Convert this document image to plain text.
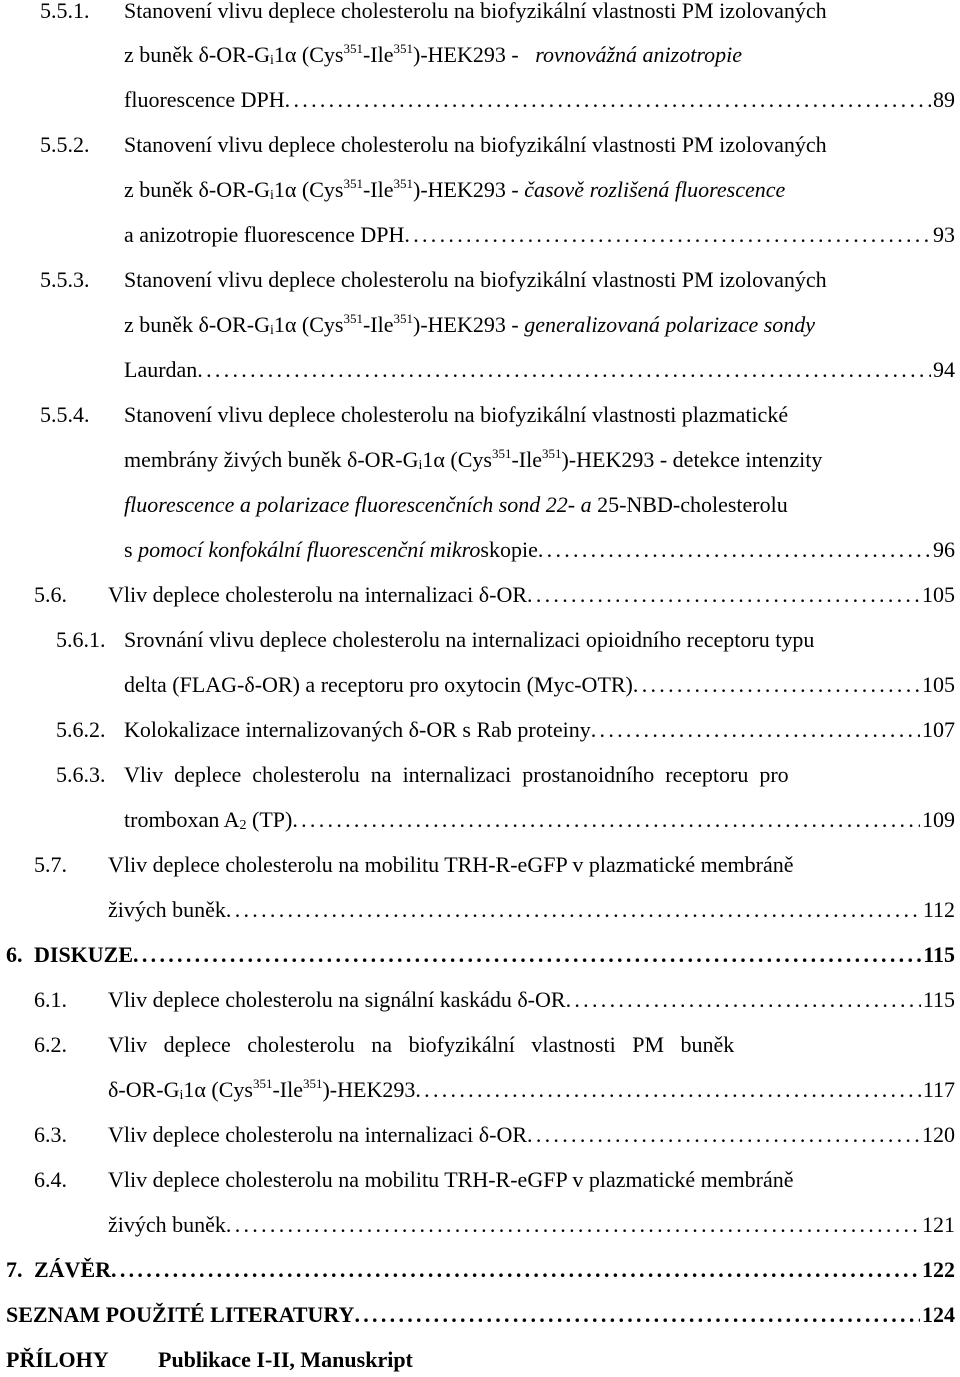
5.5.1. Stanovení vlivu deplece cholesterolu na biofyzikální vlastnosti PM izolovaných
z buněk $\delta-OR-G_i1\alpha$ (Cys$^{351}$-Ile$^{351}$)-HEK293 - rovnovážná anizotropie
fluorescence DPH . . .	89
5.5.2. Stanovení vlivu deplece cholesterolu na biofyzikální vlastnosti PM izolovaných
z buněk $\delta-OR-G_i1\alpha$ (Cys$^{351}$-Ile$^{351}$)-HEK293 - časově rozlišená fluorescence
a anizotropie fluorescence DPH . . .	93
5.5.3. Stanovení vlivu deplece cholesterolu na biofyzikální vlastnosti PM izolovaných
z buněk $\delta-OR-G_i1\alpha$ (Cys$^{351}$-Ile$^{351}$)-HEK293 - generalizovaná polarizace sondy
Laurdan . . .	94
5.5.4. Stanovení vlivu deplece cholesterolu na biofyzikální vlastnosti plazmatické
membrány živých buněk $\delta-OR-G_i1\alpha$ (Cys$^{351}$-Ile$^{351}$)-HEK293 - detekce intenzity
fluorescence a polarizace fluorescenčních sond 22- a 25-NBD-cholesterolu
s pomocí konfokální fluorescenční mikroskopie . . .	96
5.6. Vliv deplece cholesterolu na internalizaci δ-OR . . .	105
5.6.1. Srovnání vlivu deplece cholesterolu na internalizaci opioidního receptoru typu
delta (FLAG-δ-OR) a receptoru pro oxytocin (Myc-OTR) . . .	105
5.6.2. Kolokalizace internalizovaných δ-OR s Rab proteiny . . .	107
5.6.3. Vliv  deplece  cholesterolu  na  internalizaci  prostanoidního  receptoru  pro
tromboxan $A_2$ (TP) . . .	109
5.7. Vliv deplece cholesterolu na mobilitu TRH-R-eGFP v plazmatické membráně
živých buněk . . .	112
6. DISKUZE . . .	115
6.1. Vliv deplece cholesterolu na signální kaskádu δ-OR . . .	115
6.2. Vliv   deplece   cholesterolu   na   biofyzikální   vlastnosti   PM   buněk
$\delta-OR-G_i1\alpha$ (Cys$^{351}$-Ile$^{351}$)-HEK293 . . .	117
6.3. Vliv deplece cholesterolu na internalizaci δ-OR . . .	120
6.4. Vliv deplece cholesterolu na mobilitu TRH-R-eGFP v plazmatické membráně
živých buněk . . .	121
7. ZÁVĚR . . .	122
SEZNAM POUŽITÉ LITERATURY . . .	124
PŘÍLOHY Publikace I-II, Manuskript
